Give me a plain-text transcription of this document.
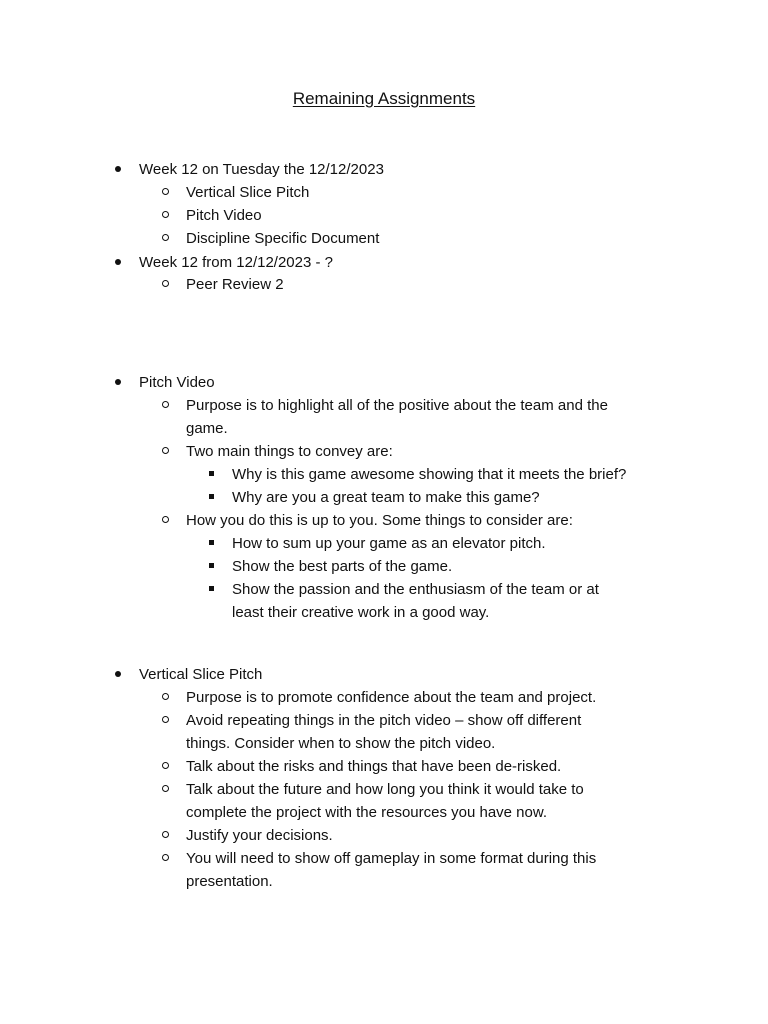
Remaining Assignments
Week 12 on Tuesday the 12/12/2023
Vertical Slice Pitch
Pitch Video
Discipline Specific Document
Week 12 from 12/12/2023 - ?
Peer Review 2
Pitch Video
Purpose is to highlight all of the positive about the team and the
game.
Two main things to convey are:
Why is this game awesome showing that it meets the brief?
Why are you a great team to make this game?
How you do this is up to you. Some things to consider are:
How to sum up your game as an elevator pitch.
Show the best parts of the game.
Show the passion and the enthusiasm of the team or at
least their creative work in a good way.
Vertical Slice Pitch
Purpose is to promote confidence about the team and project.
Avoid repeating things in the pitch video – show off different
things. Consider when to show the pitch video.
Talk about the risks and things that have been de-risked.
Talk about the future and how long you think it would take to
complete the project with the resources you have now.
Justify your decisions.
You will need to show off gameplay in some format during this
presentation.
